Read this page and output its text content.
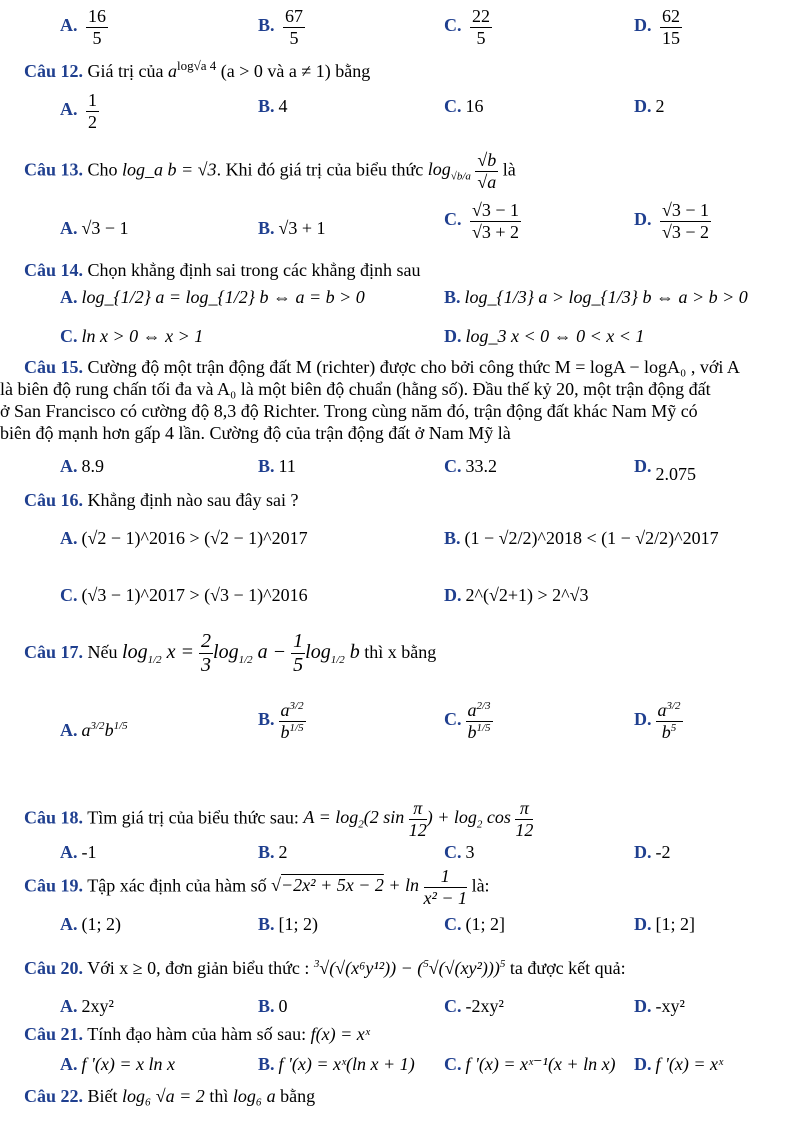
A. $\frac{16}{5}$	B. $\frac{67}{5}$	C. $\frac{22}{5}$	D. $\frac{62}{15}$
Câu 12. Giá trị của $a^{log√a 4}$ (a > 0 và a ≠ 1) bằng
A. $\frac{1}{2}$	B. 4	C. 16	D. 2
Câu 13. Cho log_a b = √3. Khi đó giá trị của biểu thức $\log_{√b/a} \frac{√b}{√a}$ là
A. √3 − 1	B. √3 + 1	C. $\frac{√3 - 1}{√3 + 2}$	D. $\frac{√3 - 1}{√3 - 2}$
Câu 14. Chọn khẳng định sai trong các khẳng định sau
A. log_{1/2} a = log_{1/2} b ⇔ a = b > 0	B. log_{1/3} a > log_{1/3} b ⇔ a > b > 0
C. ln x > 0 ⇔ x > 1	D. log_3 x < 0 ⇔ 0 < x < 1
Câu 15. Cường độ một trận động đất M (richter) được cho bởi công thức M = logA − logA₀ , với A
là biên độ rung chấn tối đa và A₀ là một biên độ chuẩn (hằng số). Đầu thế kỷ 20, một trận động đất
ở San Francisco có cường độ 8,3 độ Richter. Trong cùng năm đó, trận động đất khác Nam Mỹ có
biên độ mạnh hơn gấp 4 lần. Cường độ của trận động đất ở Nam Mỹ là
A. 8.9	B. 11	C. 33.2	D. 2.075
Câu 16. Khẳng định nào sau đây sai ?
A. (√2 − 1)^2016 > (√2 − 1)^2017	B. (1 − √2/2)^2018 < (1 − √2/2)^2017
C. (√3 − 1)^2017 > (√3 − 1)^2016	D. 2^(√2+1) > 2^√3
Câu 17. Nếu $\log_{1/2} x = \frac{2}{3} \log_{1/2} a - \frac{1}{5} \log_{1/2} b$ thì x bằng
A. $a^{3/2}b^{1/5}$	B. $\frac{a^{3/2}}{b^{1/5}}$	C. $\frac{a^{2/3}}{b^{1/5}}$	D. $\frac{a^{3/2}}{b^5}$
Câu 18. Tìm giá trị của biểu thức sau: $A = \log_2(2$ $\sin \frac{\pi}{12}$ ) + $\log_2 \cos \frac{\pi}{12}$
A. -1	B. 2	C. 3	D. -2
Câu 19. Tập xác định của hàm số $√-2x^2 + 5x - 2 + \ln \frac{1}{\text{x² − 1}}$ là:
A. (1; 2)	B. [1; 2)	C. (1; 2]	D. [1; 2]
Câu 20. Với x ≥ 0, đơn giản biểu thức : $^3√(√(x^6y^{12})) - (^5√(√(xy^2)))^5$ ta được kết quả:
A. 2xy²	B. 0	C. -2xy²	D. -xy²
Câu 21. Tính đạo hàm của hàm số sau: f(x) = xˣ
A. f '(x) = x ln x	B. f '(x) = xˣ(ln x + 1) C. f '(x) = xˣ⁻¹(x + ln x) D. f '(x) = xˣ
Câu 22. Biết log₆ √a = 2 thì log₆ a bằng
